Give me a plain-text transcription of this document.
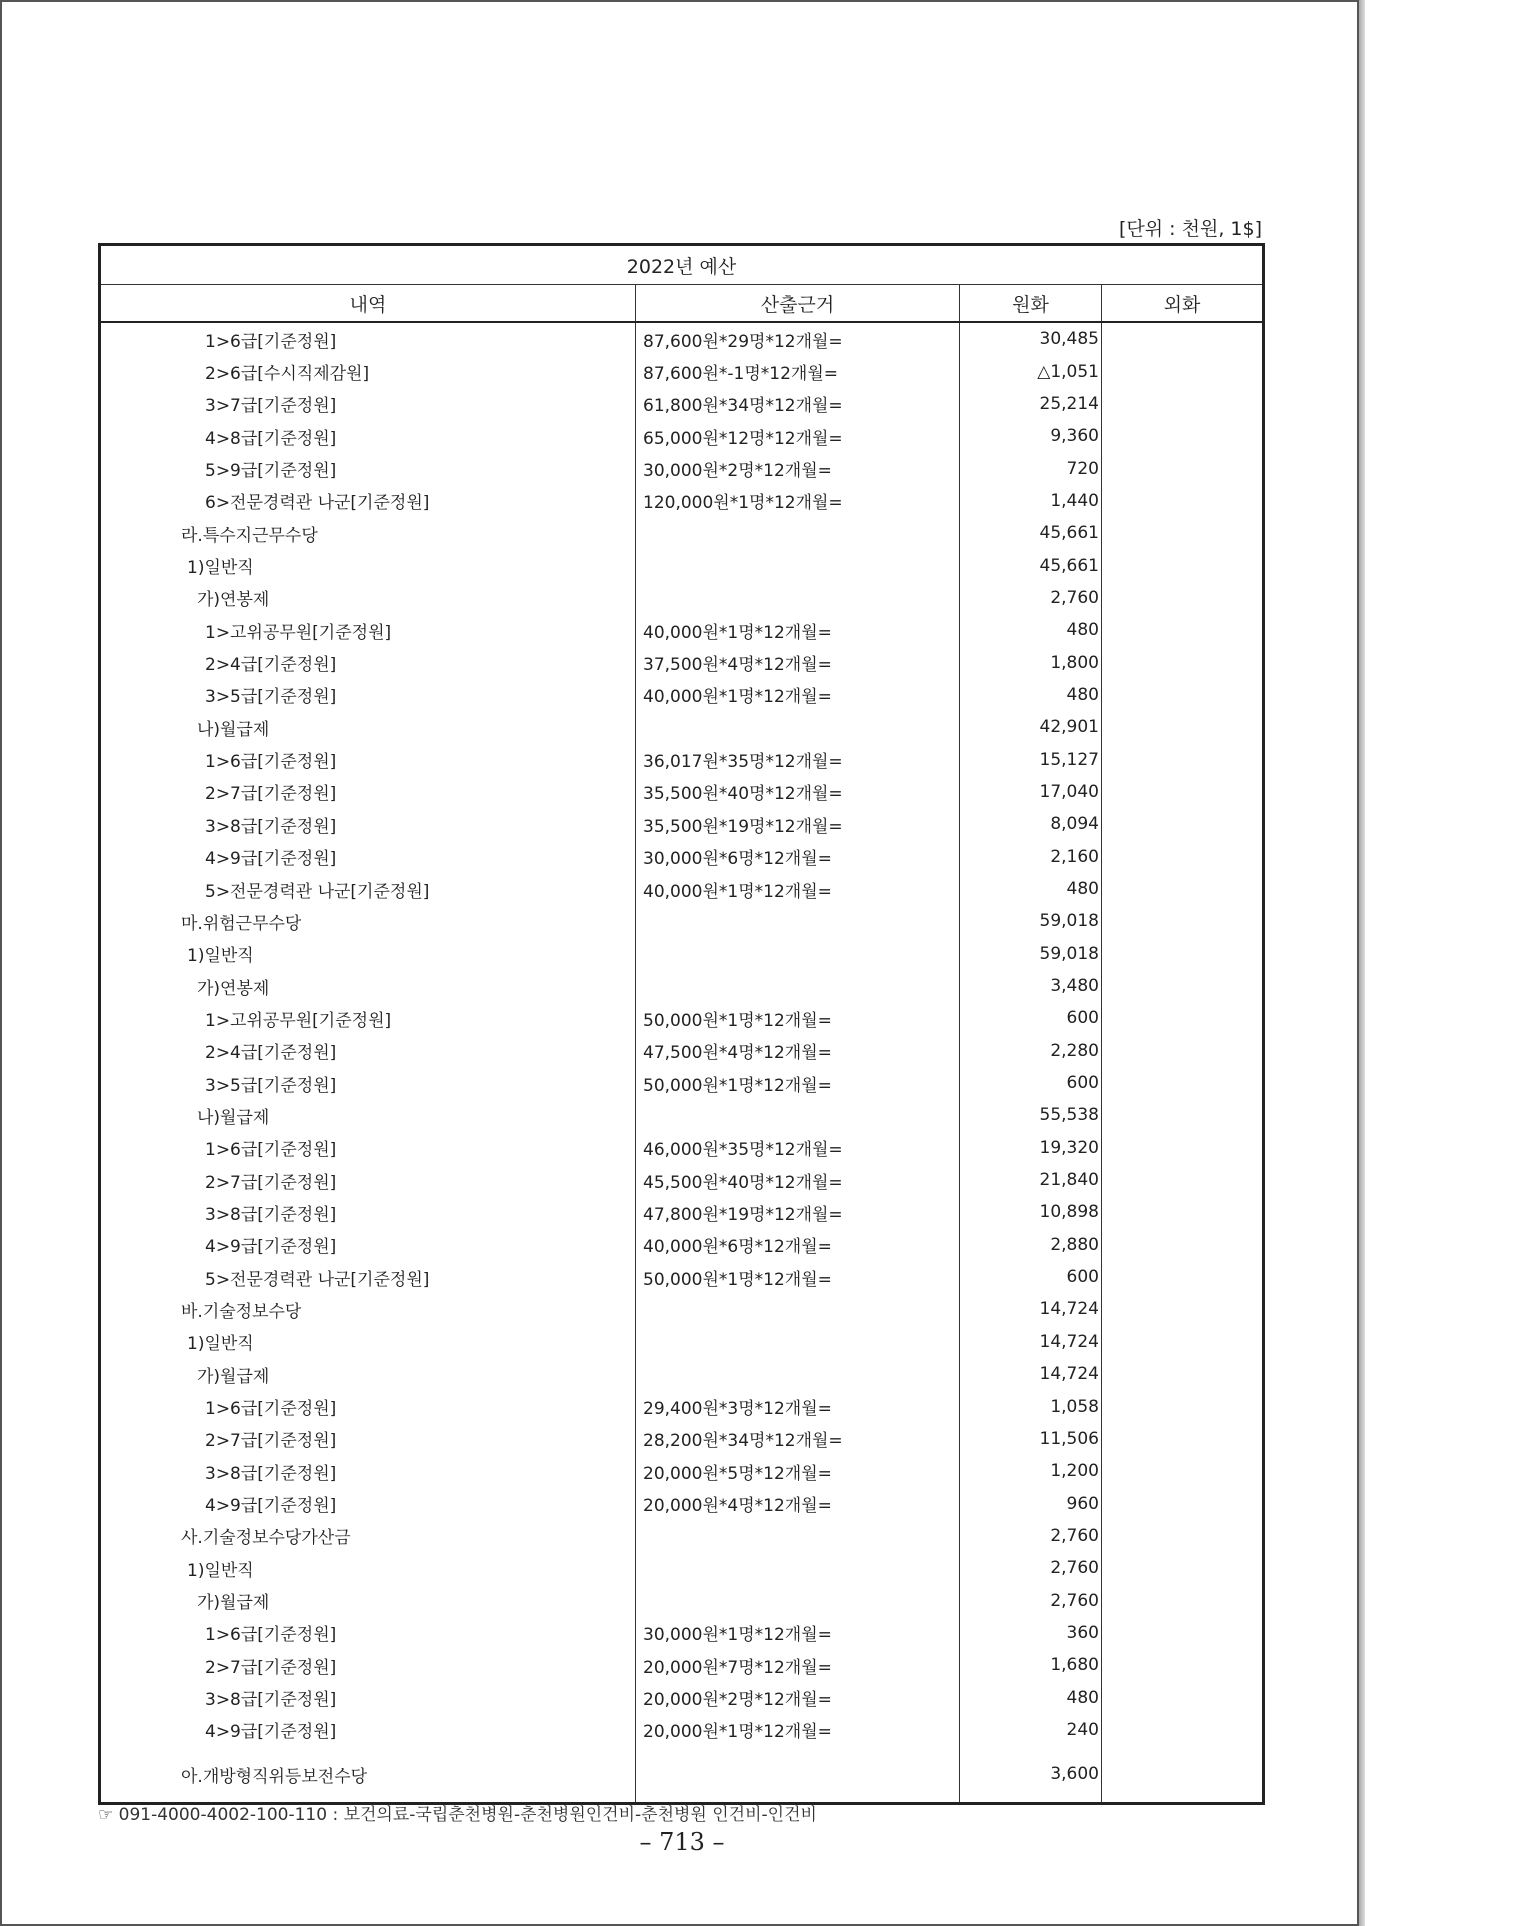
[단위 : 천원, 1$]
2022년 예산			
내역	산출근거	원화	외화
1>6급[기준정원]	87,600원*29명*12개월=	30,485	
2>6급[수시직제감원]	87,600원*-1명*12개월=	△1,051	
3>7급[기준정원]	61,800원*34명*12개월=	25,214	
4>8급[기준정원]	65,000원*12명*12개월=	9,360	
5>9급[기준정원]	30,000원*2명*12개월=	720	
6>전문경력관 나군[기준정원]	120,000원*1명*12개월=	1,440	
라.특수지근무수당		45,661	
1)일반직		45,661	
가)연봉제		2,760	
1>고위공무원[기준정원]	40,000원*1명*12개월=	480	
2>4급[기준정원]	37,500원*4명*12개월=	1,800	
3>5급[기준정원]	40,000원*1명*12개월=	480	
나)월급제		42,901	
1>6급[기준정원]	36,017원*35명*12개월=	15,127	
2>7급[기준정원]	35,500원*40명*12개월=	17,040	
3>8급[기준정원]	35,500원*19명*12개월=	8,094	
4>9급[기준정원]	30,000원*6명*12개월=	2,160	
5>전문경력관 나군[기준정원]	40,000원*1명*12개월=	480	
마.위험근무수당		59,018	
1)일반직		59,018	
가)연봉제		3,480	
1>고위공무원[기준정원]	50,000원*1명*12개월=	600	
2>4급[기준정원]	47,500원*4명*12개월=	2,280	
3>5급[기준정원]	50,000원*1명*12개월=	600	
나)월급제		55,538	
1>6급[기준정원]	46,000원*35명*12개월=	19,320	
2>7급[기준정원]	45,500원*40명*12개월=	21,840	
3>8급[기준정원]	47,800원*19명*12개월=	10,898	
4>9급[기준정원]	40,000원*6명*12개월=	2,880	
5>전문경력관 나군[기준정원]	50,000원*1명*12개월=	600	
바.기술정보수당		14,724	
1)일반직		14,724	
가)월급제		14,724	
1>6급[기준정원]	29,400원*3명*12개월=	1,058	
2>7급[기준정원]	28,200원*34명*12개월=	11,506	
3>8급[기준정원]	20,000원*5명*12개월=	1,200	
4>9급[기준정원]	20,000원*4명*12개월=	960	
사.기술정보수당가산금		2,760	
1)일반직		2,760	
가)월급제		2,760	
1>6급[기준정원]	30,000원*1명*12개월=	360	
2>7급[기준정원]	20,000원*7명*12개월=	1,680	
3>8급[기준정원]	20,000원*2명*12개월=	480	
4>9급[기준정원]	20,000원*1명*12개월=	240	
아.개방형직위등보전수당		3,600	
☞ 091-4000-4002-100-110 : 보건의료-국립춘천병원-춘천병원인건비-춘천병원 인건비-인건비
– 713 –
